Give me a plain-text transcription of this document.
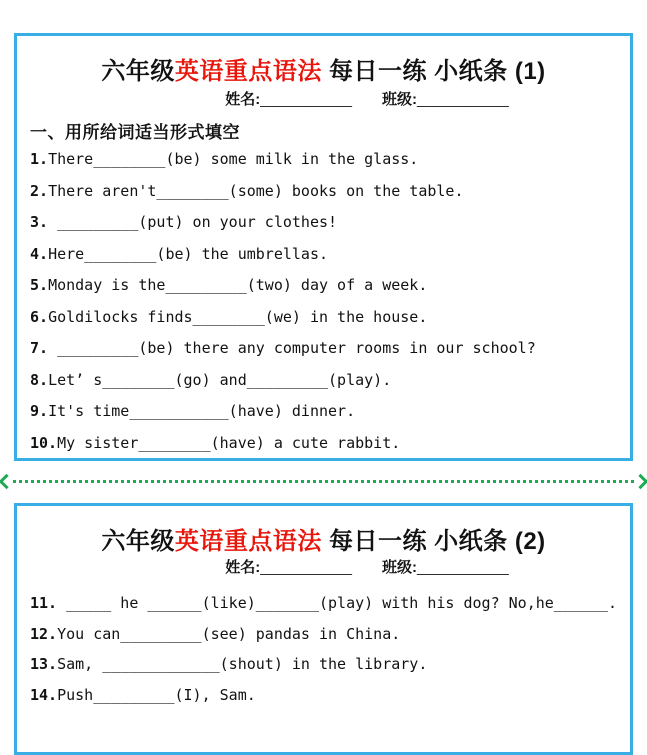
六年级英语重点语法 每日一练 小纸条 (1)
姓名:___________ 班级:___________
一、用所给词适当形式填空
1.There________(be) some milk in the glass.
2.There aren't________(some) books on the table.
3. _________(put) on your clothes!
4.Here________(be) the umbrellas.
5.Monday is the_________(two) day of a week.
6.Goldilocks finds________(we) in the house.
7. _________(be) there any computer rooms in our school?
8.Let’ s________(go) and_________(play).
9.It's time___________(have) dinner.
10.My sister________(have) a cute rabbit.
六年级英语重点语法 每日一练 小纸条 (2)
姓名:___________ 班级:___________
11. _____ he ______(like)_______(play) with his dog? No,he______.
12.You can_________(see) pandas in China.
13.Sam, _____________(shout) in the library.
14.Push_________(I), Sam.
